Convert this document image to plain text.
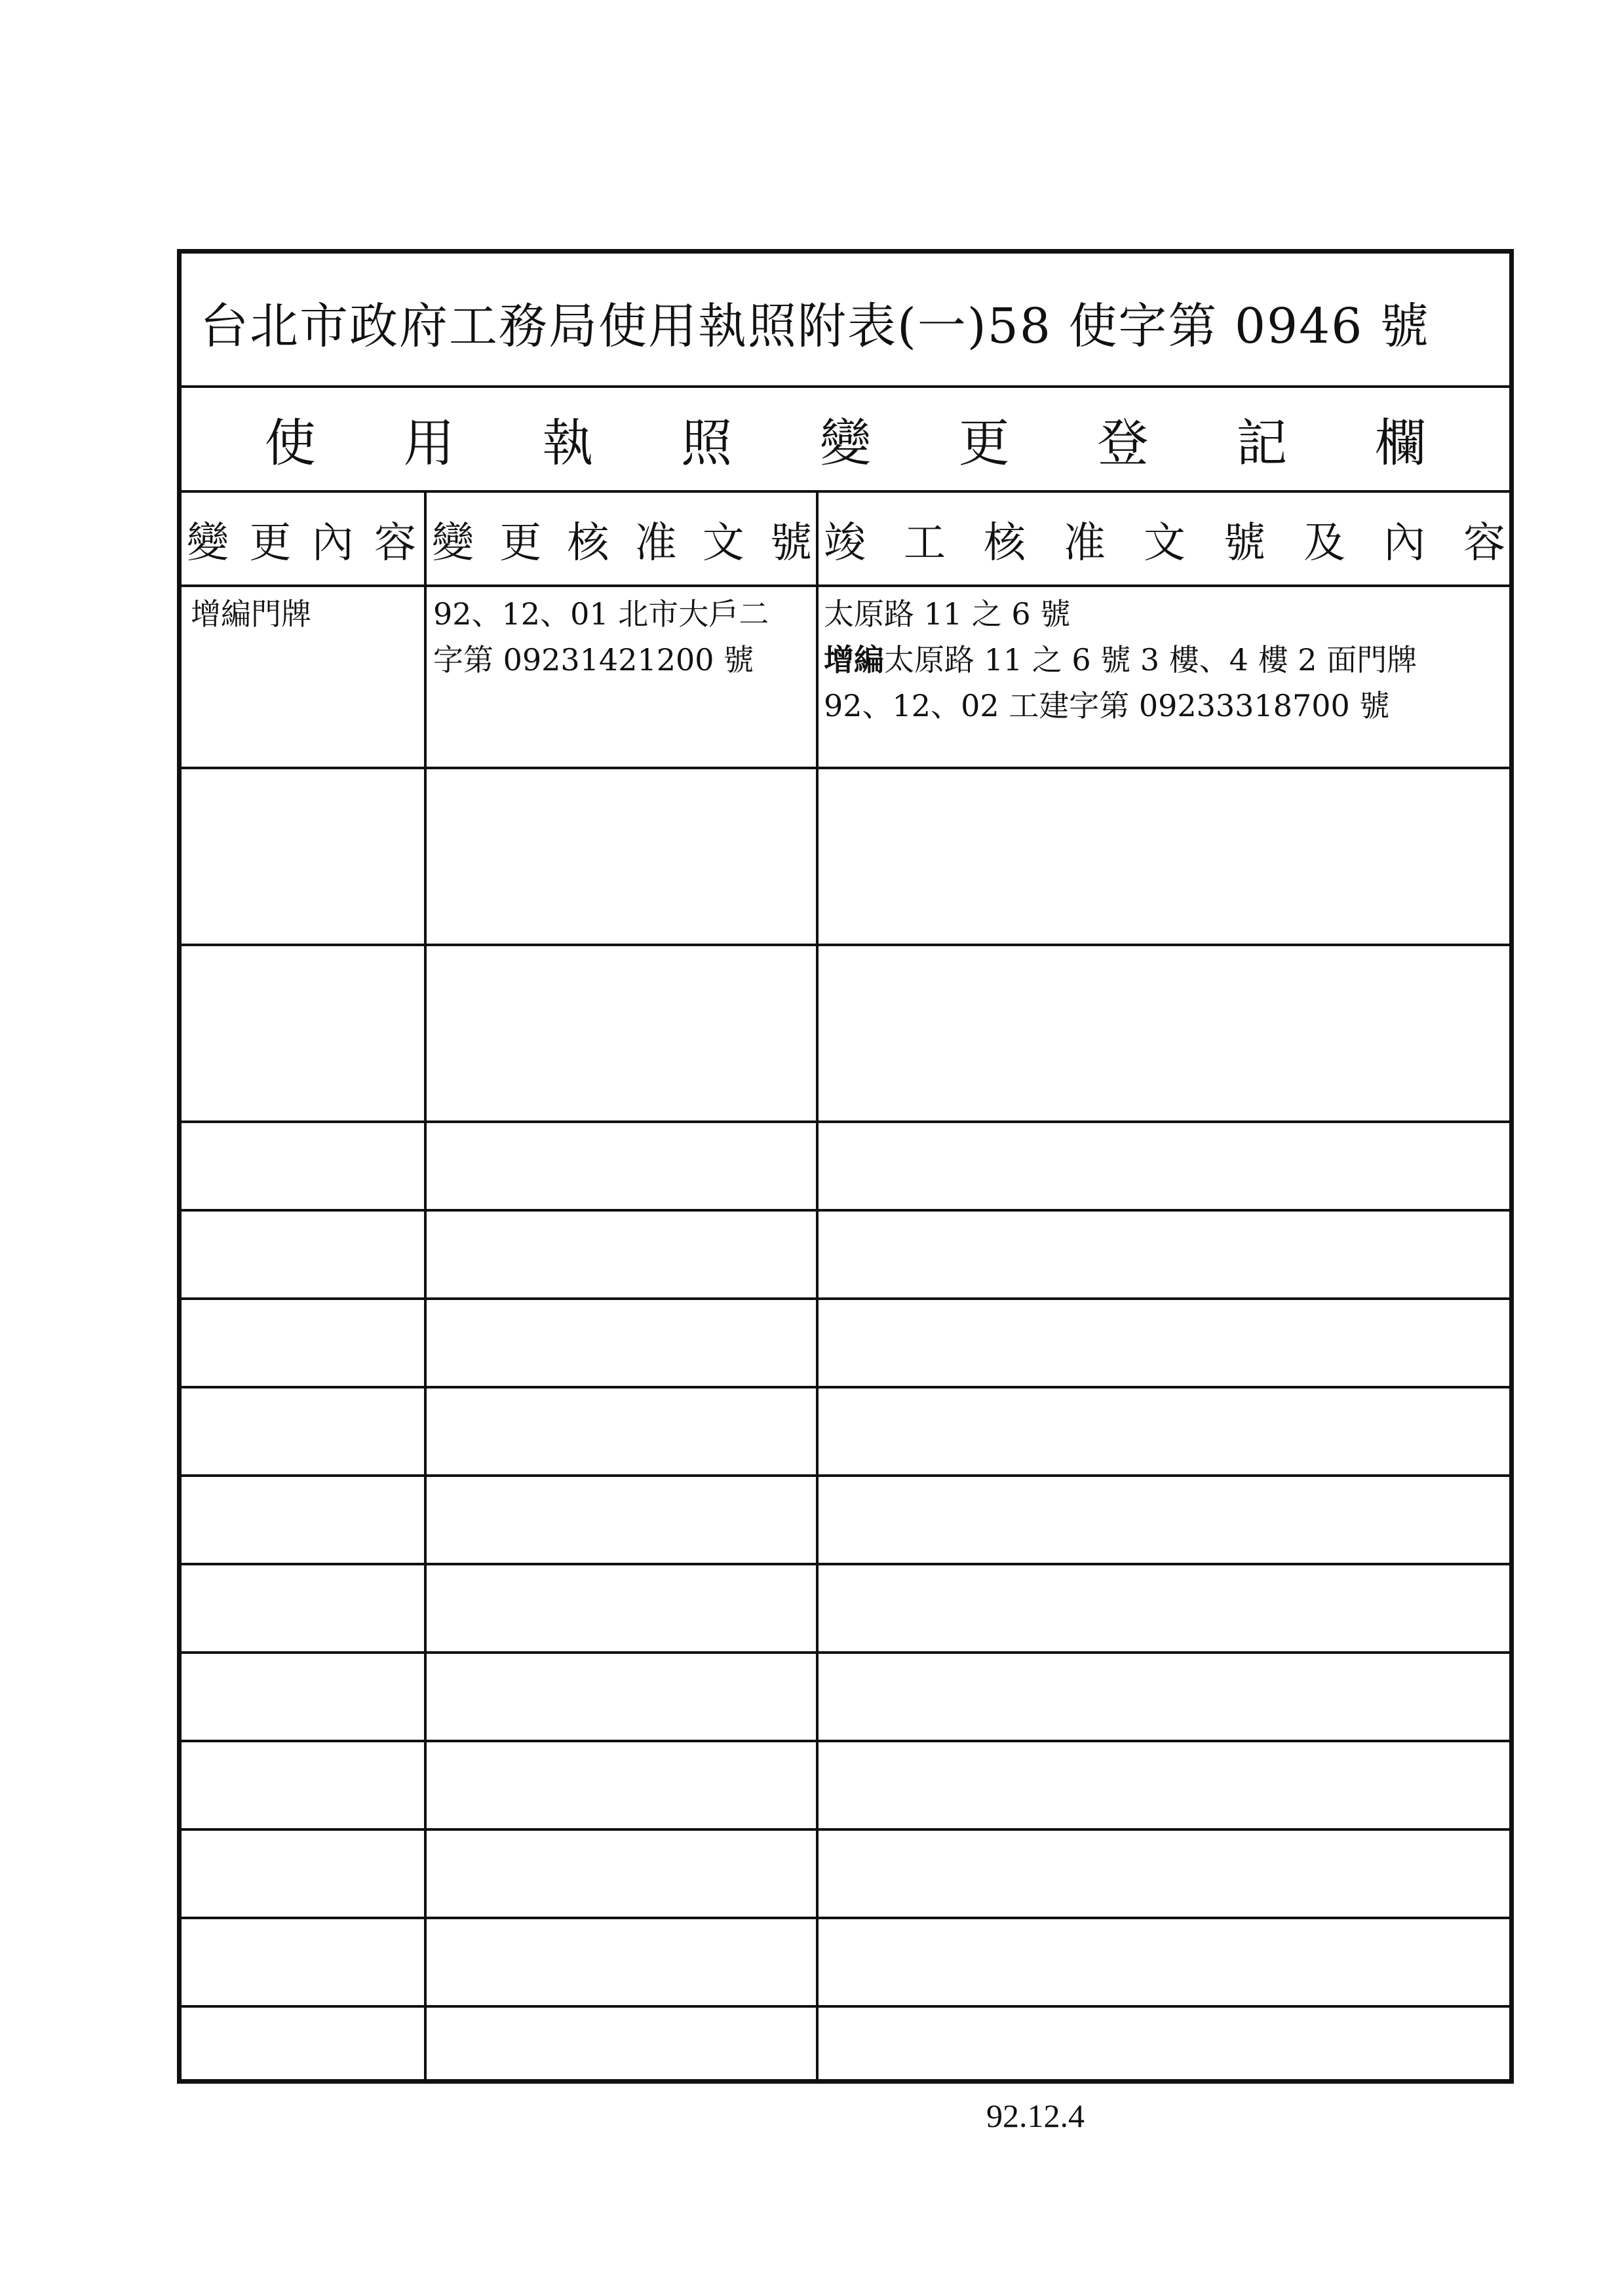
台北市政府工務局使用執照附表(一)58 使字第 0946 號
使 用 執 照 變 更 登 記 欄
變 更 內 容 變 更 核 准 文 號 竣 工 核 准 文 號 及 內 容
增編門牌	92、12、01 北市大戶二
字第 09231421200 號
太原路 11 之 6 號
增編太原路 11 之 6 號 3 樓、4 樓 2 面門牌
92、12、02 工建字第 09233318700 號
92.12.4
